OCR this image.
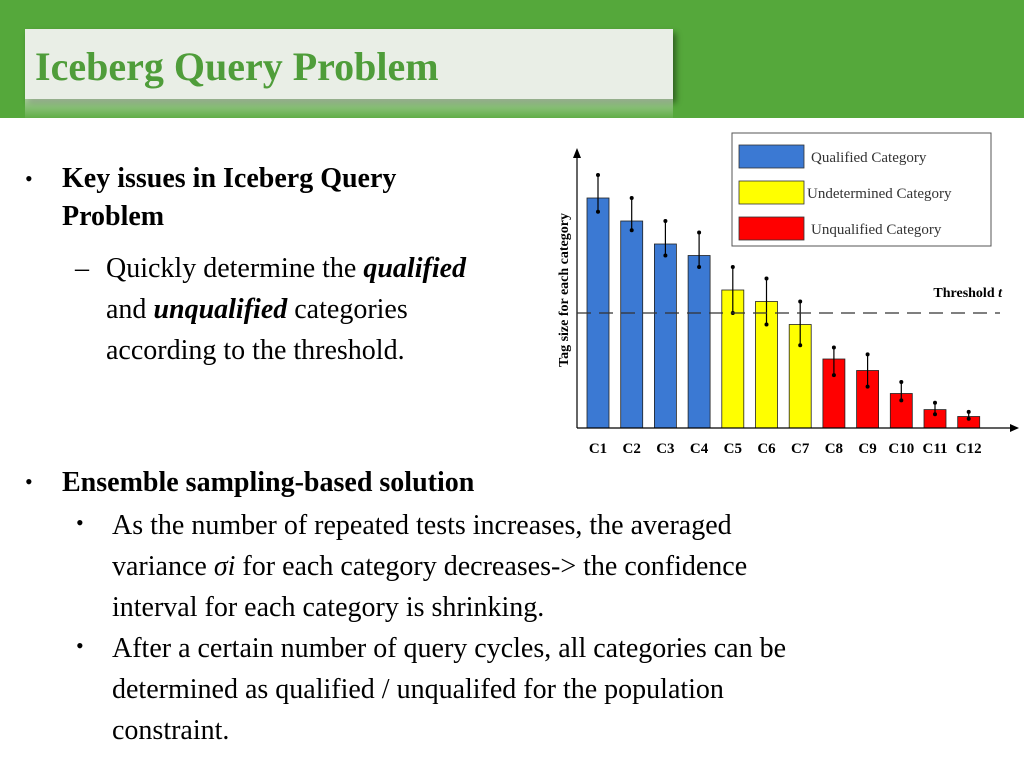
Iceberg Query Problem
• Key issues in Iceberg Query
Problem
– Quickly determine the qualified
and unqualified categories
according to the threshold.
• Ensemble sampling-based solution
• As the number of repeated tests increases, the averaged
variance σi for each category decreases-> the confidence
interval for each category is shrinking.
• After a certain number of query cycles, all categories can be
determined as qualified / unqualifed for the population
constraint.
C1 C2 C3 C4 C5 C6 C7 C8 C9 C10 C11 C12
Tag size for each category	Threshold t
Qualified Category
Undetermined Category
Unqualified Category
